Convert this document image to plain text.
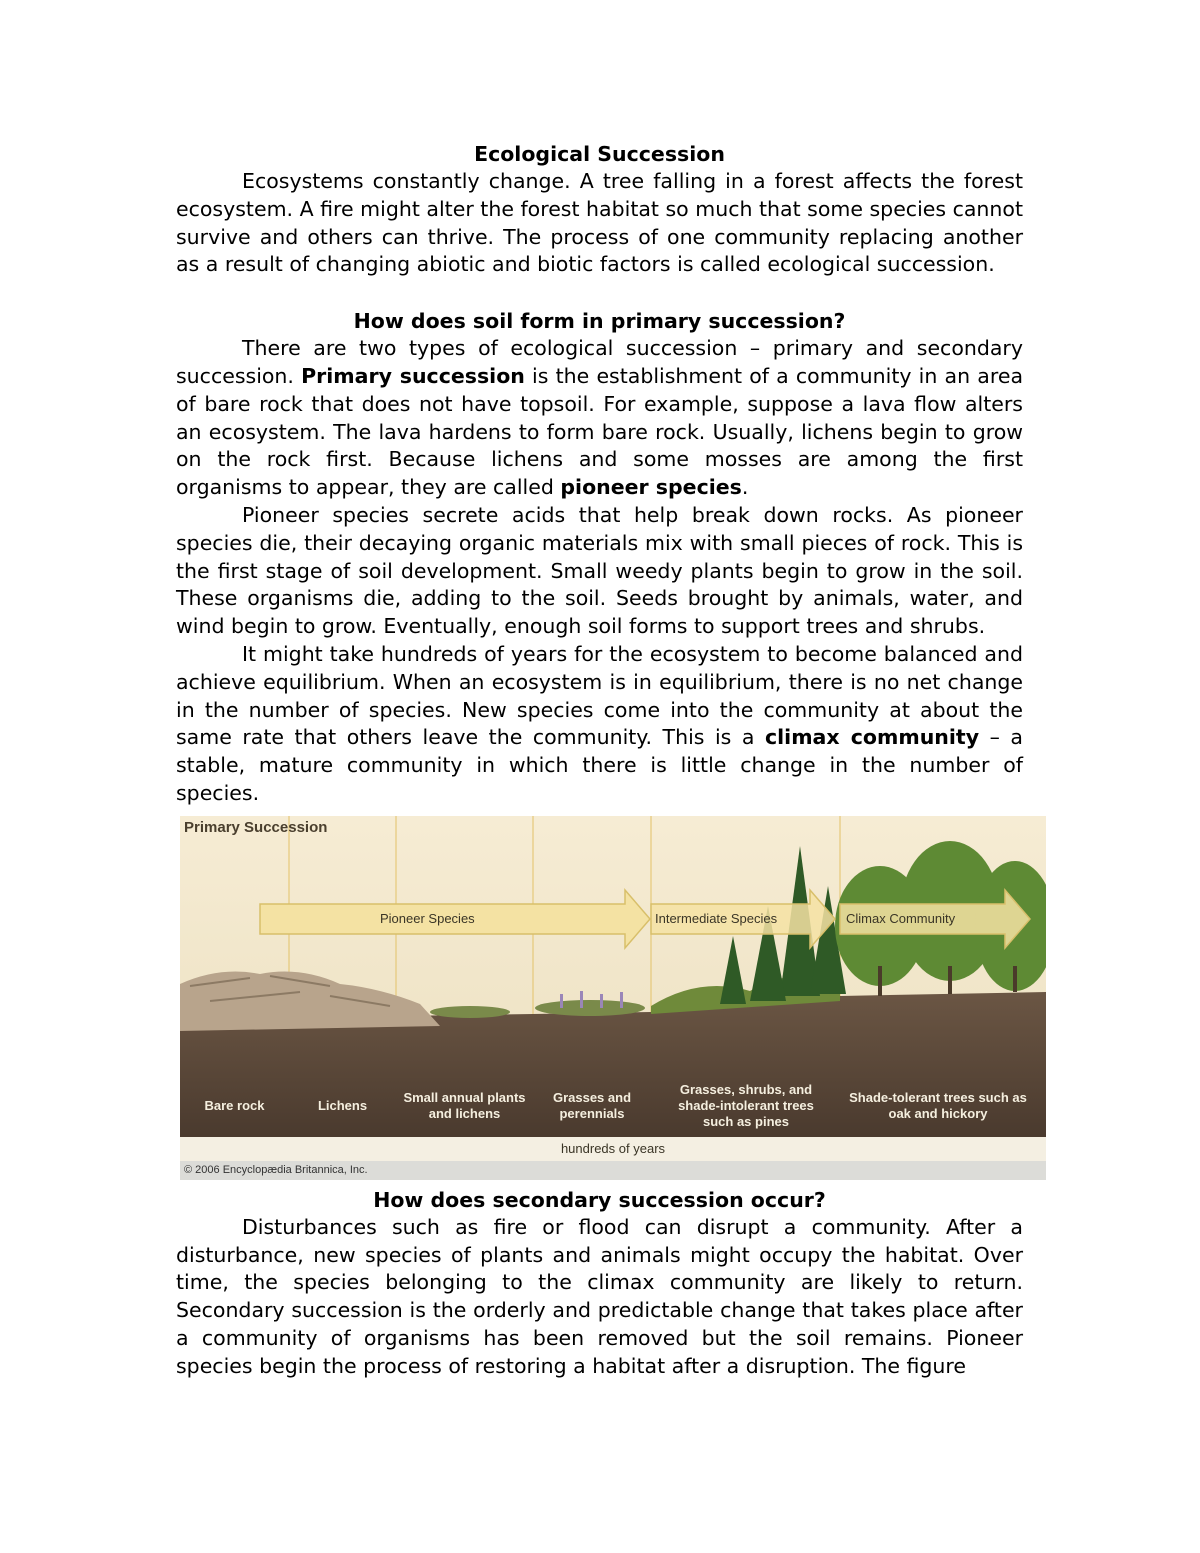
Ecological Succession

Ecosystems constantly change. A tree falling in a forest affects the forest ecosystem. A fire might alter the forest habitat so much that some species cannot survive and others can thrive. The process of one community replacing another as a result of changing abiotic and biotic factors is called ecological succession.

How does soil form in primary succession?

There are two types of ecological succession – primary and secondary succession. Primary succession is the establishment of a community in an area of bare rock that does not have topsoil. For example, suppose a lava flow alters an ecosystem. The lava hardens to form bare rock. Usually, lichens begin to grow on the rock first. Because lichens and some mosses are among the first organisms to appear, they are called pioneer species.

Pioneer species secrete acids that help break down rocks. As pioneer species die, their decaying organic materials mix with small pieces of rock. This is the first stage of soil development. Small weedy plants begin to grow in the soil. These organisms die, adding to the soil. Seeds brought by animals, water, and wind begin to grow. Eventually, enough soil forms to support trees and shrubs.

It might take hundreds of years for the ecosystem to become balanced and achieve equilibrium. When an ecosystem is in equilibrium, there is no net change in the number of species. New species come into the community at about the same rate that others leave the community. This is a climax community – a stable, mature community in which there is little change in the number of species.

Primary Succession
Pioneer Species	Intermediate Species	Climax Community
Bare rock	Lichens
Small annual plants and lichens
Grasses and perennials
Grasses, shrubs, and shade-intolerant trees such as pines
Shade-tolerant trees such as oak and hickory
hundreds of years
© 2006 Encyclopædia Britannica, Inc.
How does secondary succession occur?

Disturbances such as fire or flood can disrupt a community. After a disturbance, new species of plants and animals might occupy the habitat. Over time, the species belonging to the climax community are likely to return. Secondary succession is the orderly and predictable change that takes place after a community of organisms has been removed but the soil remains. Pioneer species begin the process of restoring a habitat after a disruption. The figure
